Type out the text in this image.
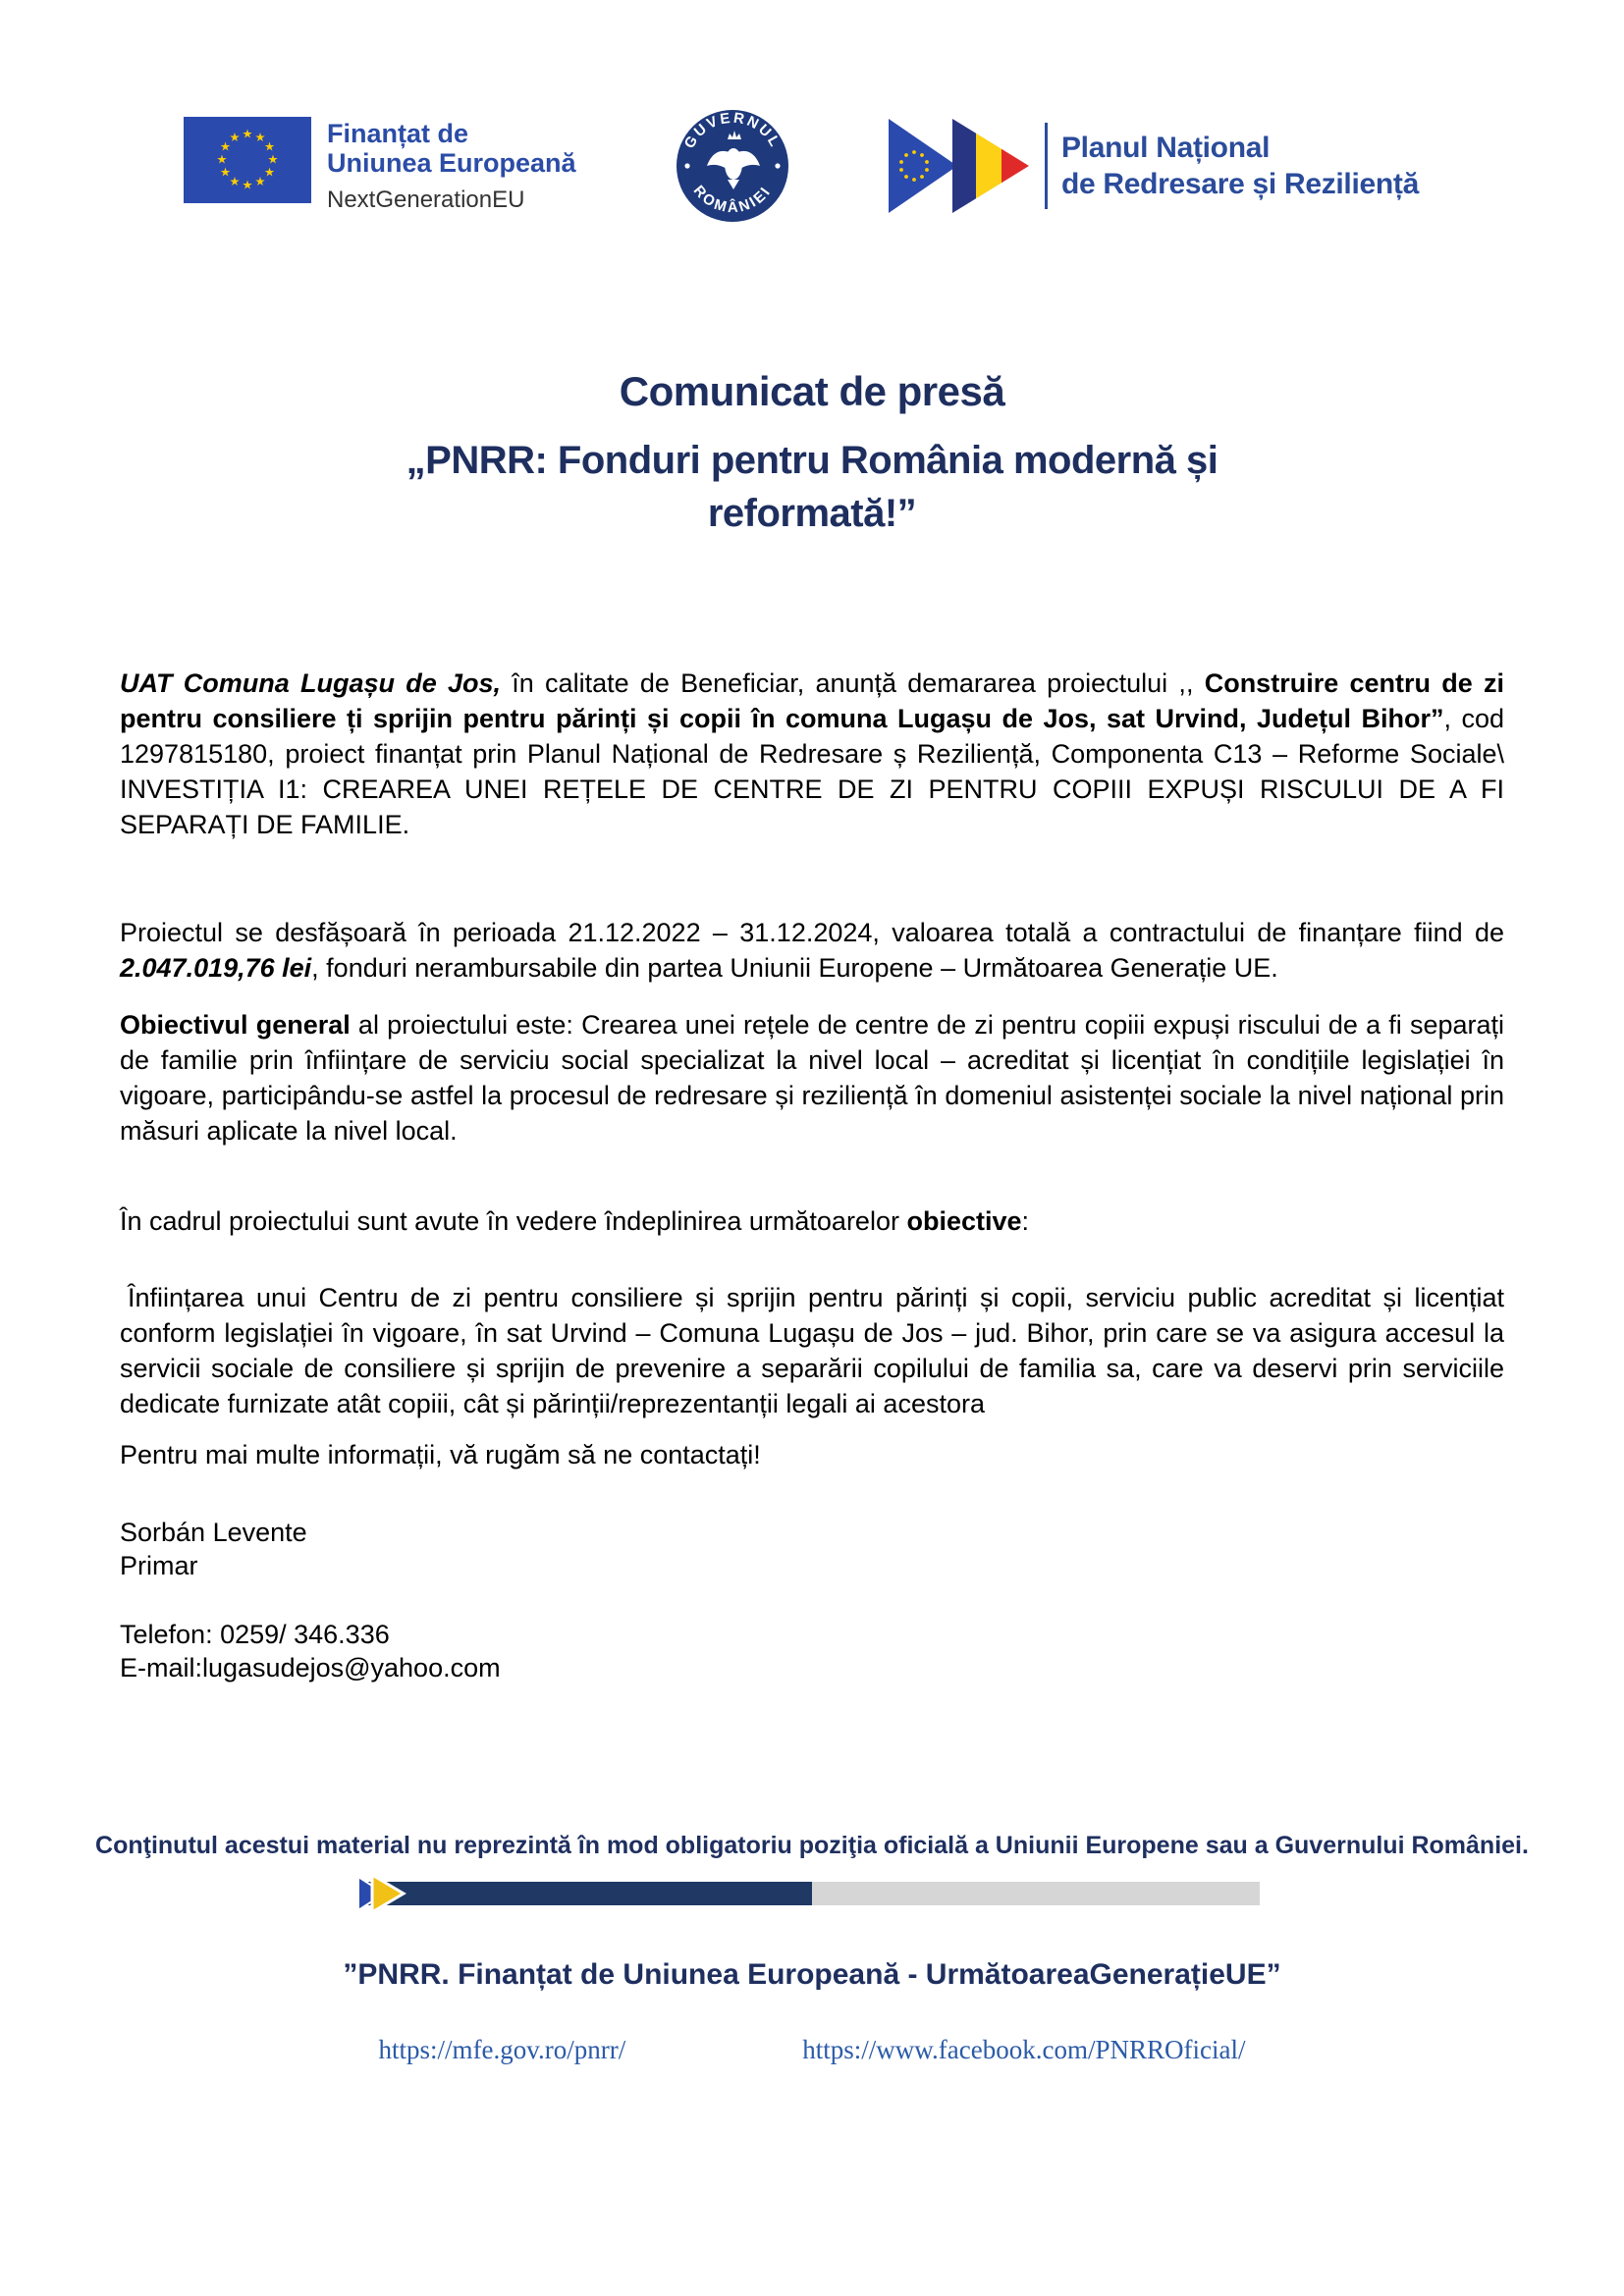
Finanțat de
Uniunea Europeană
NextGenerationEU
GUVERNUL
ROMÂNIEI
Planul Național
de Redresare și Reziliență
Comunicat de presă
„PNRR: Fonduri pentru România modernă și reformată!”

UAT Comuna Lugașu de Jos, în calitate de Beneficiar, anunță demararea proiectului ,, Construire centru de zi pentru consiliere ți sprijin pentru părinți și copii în comuna Lugașu de Jos, sat Urvind, Județul Bihor”, cod 1297815180, proiect finanțat prin Planul Național de Redresare ș Reziliență, Componenta C13 – Reforme Sociale\ INVESTIȚIA I1: CREAREA UNEI REȚELE DE CENTRE DE ZI PENTRU COPIII EXPUȘI RISCULUI DE A FI SEPARAȚI DE FAMILIE.

Proiectul se desfășoară în perioada 21.12.2022 – 31.12.2024, valoarea totală a contractului de finanțare fiind de 2.047.019,76 lei, fonduri nerambursabile din partea Uniunii Europene – Următoarea Generație UE.

Obiectivul general al proiectului este: Crearea unei rețele de centre de zi pentru copiii expuși riscului de a fi separați de familie prin înființare de serviciu social specializat la nivel local – acreditat și licențiat în condițiile legislației în vigoare, participându-se astfel la procesul de redresare și reziliență în domeniul asistenței sociale la nivel național prin măsuri aplicate la nivel local.

În cadrul proiectului sunt avute în vedere îndeplinirea următoarelor obiective:

Înființarea unui Centru de zi pentru consiliere și sprijin pentru părinți și copii, serviciu public acreditat și licențiat conform legislației în vigoare, în sat Urvind – Comuna Lugașu de Jos – jud. Bihor, prin care se va asigura accesul la servicii sociale de consiliere și sprijin de prevenire a separării copilului de familia sa, care va deservi prin serviciile dedicate furnizate atât copiii, cât și părinții/reprezentanții legali ai acestora

Pentru mai multe informații, vă rugăm să ne contactați!

Sorbán Levente
Primar

Telefon: 0259/ 346.336
E-mail:lugasudejos@yahoo.com

Conţinutul acestui material nu reprezintă în mod obligatoriu poziţia oficială a Uniunii Europene sau a Guvernului României.

”PNRR. Finanțat de Uniunea Europeană - UrmătoareaGenerațieUE”

https://mfe.gov.ro/pnrr/	https://www.facebook.com/PNRROficial/
